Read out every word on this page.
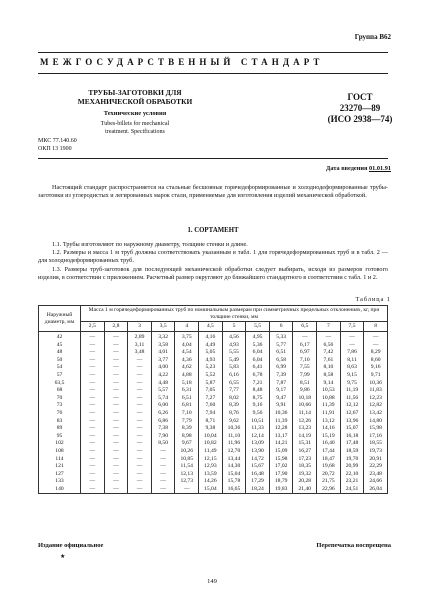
Группа В62
МЕЖГОСУДАРСТВЕННЫЙ СТАНДАРТ
ТРУБЫ-ЗАГОТОВКИ ДЛЯ МЕХАНИЧЕСКОЙ ОБРАБОТКИ
Технические условия
Tubes-billets for mechanical
treatment. Specifications
ГОСТ
23270—89
(ИСО 2938—74)
МКС 77.140.60
ОКП 13 1900
Дата введения 01.01.91

Настоящий стандарт распространяется на стальные бесшовные горячедеформированные и холоднодеформированные трубы-заготовки из углеродистых и легированных марок стали, применяемые для изготовления изделий механической обработкой.

1. СОРТАМЕНТ

1.1. Трубы изготовляют по наружному диаметру, толщине стенки и длине.

1.2. Размеры и масса 1 м труб должны соответствовать указанным в табл. 1 для горячедеформированных труб и в табл. 2 — для холоднодеформированных труб.

1.3. Размеры труб-заготовок для последующей механической обработки следует выбирать, исходя из размеров готового изделия, в соответствии с приложением. Расчетный размер округляют до ближайшего стандартного в соответствии с табл. 1 и 2.

Таблица 1
Наружный диаметр, мм	Масса 1 м горячедеформированных труб по номинальным размерам при симметричных предельных отклонениях, кг, при толщине стенки, мм												
	2,5	2,8	3	3,5	4	4,5	5	5,5	6	6,5	7	7,5	8
42	—	—	2,89	3,32	3,75	4,16	4,56	4,95	5,33	—	—	—	—
45	—	—	3,11	3,58	4,04	4,49	4,93	5,36	5,77	6,17	6,56	—	—
48	—	—	3,48	4,01	4,54	5,05	5,55	6,04	6,51	6,97	7,42	7,86	8,29
50	—	—	—	3,77	4,36	4,93	5,49	6,04	6,58	7,10	7,61	8,11	8,60
54	—	—	—	4,00	4,62	5,23	5,83	6,41	6,99	7,55	8,10	8,63	9,16
57	—	—	—	4,22	4,88	5,52	6,16	6,78	7,39	7,99	8,58	9,15	9,71
63,5	—	—	—	4,48	5,18	5,87	6,55	7,21	7,87	8,51	9,14	9,75	10,36
68	—	—	—	5,57	6,31	7,05	7,77	8,48	9,17	9,86	10,53	11,19	11,83
70	—	—	—	5,74	6,51	7,27	8,02	8,75	9,47	10,18	10,88	11,56	12,23
73	—	—	—	6,00	6,81	7,60	8,39	9,16	9,91	10,66	11,39	12,12	12,82
76	—	—	—	6,26	7,10	7,94	8,76	9,56	10,36	11,14	11,91	12,67	13,42
83	—	—	—	6,86	7,79	8,71	9,62	10,51	11,39	12,26	13,12	13,96	14,80
89	—	—	—	7,38	8,39	9,38	10,36	11,33	12,28	13,23	14,16	15,07	15,98
95	—	—	—	7,90	8,98	10,04	11,10	12,14	13,17	14,19	15,19	16,18	17,16
102	—	—	—	8,50	9,67	10,82	11,96	13,09	14,21	15,31	16,40	17,48	18,55
108	—	—	—	—	10,26	11,49	12,70	13,90	15,09	16,27	17,44	18,59	19,73
114	—	—	—	—	10,85	12,15	13,44	14,72	15,98	17,23	18,47	19,70	20,91
121	—	—	—	—	11,54	12,93	14,30	15,67	17,02	18,35	19,68	20,99	22,29
127	—	—	—	—	12,13	13,59	15,04	16,48	17,90	19,32	20,72	22,10	23,48
133	—	—	—	—	12,73	14,26	15,78	17,29	18,79	20,28	21,75	23,21	24,66
140	—	—	—	—	—	15,04	16,65	18,24	19,83	21,40	22,96	24,51	26,04
Издание официальное
★
Перепечатка воспрещена
149
